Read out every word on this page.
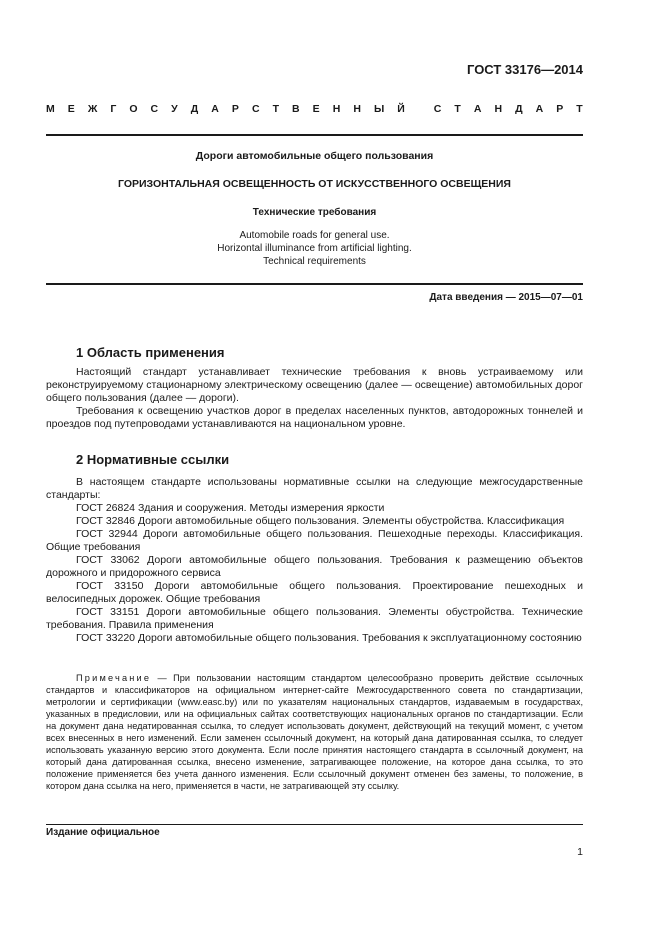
ГОСТ 33176—2014
М Е Ж Г О С У Д А Р С Т В Е Н Н Ы Й
	С Т А Н Д А Р Т
Дороги автомобильные общего пользования
ГОРИЗОНТАЛЬНАЯ ОСВЕЩЕННОСТЬ ОТ ИСКУССТВЕННОГО ОСВЕЩЕНИЯ
Технические требования
Automobile roads for general use.
Horizontal illuminance from artificial lighting.
Technical requirements
Дата введения — 2015—07—01
1 Область применения

Настоящий стандарт устанавливает технические требования к вновь устраиваемому или реконструируемому стационарному электрическому освещению (далее — освещение) автомобильных дорог общего пользования (далее — дороги).

Требования к освещению участков дорог в пределах населенных пунктов, автодорожных тоннелей и проездов под путепроводами устанавливаются на национальном уровне.

2 Нормативные ссылки

В настоящем стандарте использованы нормативные ссылки на следующие межгосударственные стандарты:

ГОСТ 26824 Здания и сооружения. Методы измерения яркости

ГОСТ 32846 Дороги автомобильные общего пользования. Элементы обустройства. Классификация

ГОСТ 32944 Дороги автомобильные общего пользования. Пешеходные переходы. Классификация. Общие требования

ГОСТ 33062 Дороги автомобильные общего пользования. Требования к размещению объектов дорожного и придорожного сервиса

ГОСТ 33150 Дороги автомобильные общего пользования. Проектирование пешеходных и велосипедных дорожек. Общие требования

ГОСТ 33151 Дороги автомобильные общего пользования. Элементы обустройства. Технические требования. Правила применения

ГОСТ 33220 Дороги автомобильные общего пользования. Требования к эксплуатационному состоянию

Примечание — При пользовании настоящим стандартом целесообразно проверить действие ссылочных стандартов и классификаторов на официальном интернет-сайте Межгосударственного совета по стандартизации, метрологии и сертификации (www.easc.by) или по указателям национальных стандартов, издаваемым в государствах, указанных в предисловии, или на официальных сайтах соответствующих национальных органов по стандартизации. Если на документ дана недатированная ссылка, то следует использовать документ, действующий на текущий момент, с учетом всех внесенных в него изменений. Если заменен ссылочный документ, на который дана датированная ссылка, то следует использовать указанную версию этого документа. Если после принятия настоящего стандарта в ссылочный документ, на который дана датированная ссылка, внесено изменение, затрагивающее положение, на которое дана ссылка, то это положение применяется без учета данного изменения. Если ссылочный документ отменен без замены, то положение, в котором дана ссылка на него, применяется в части, не затрагивающей эту ссылку.
Издание официальное
1
